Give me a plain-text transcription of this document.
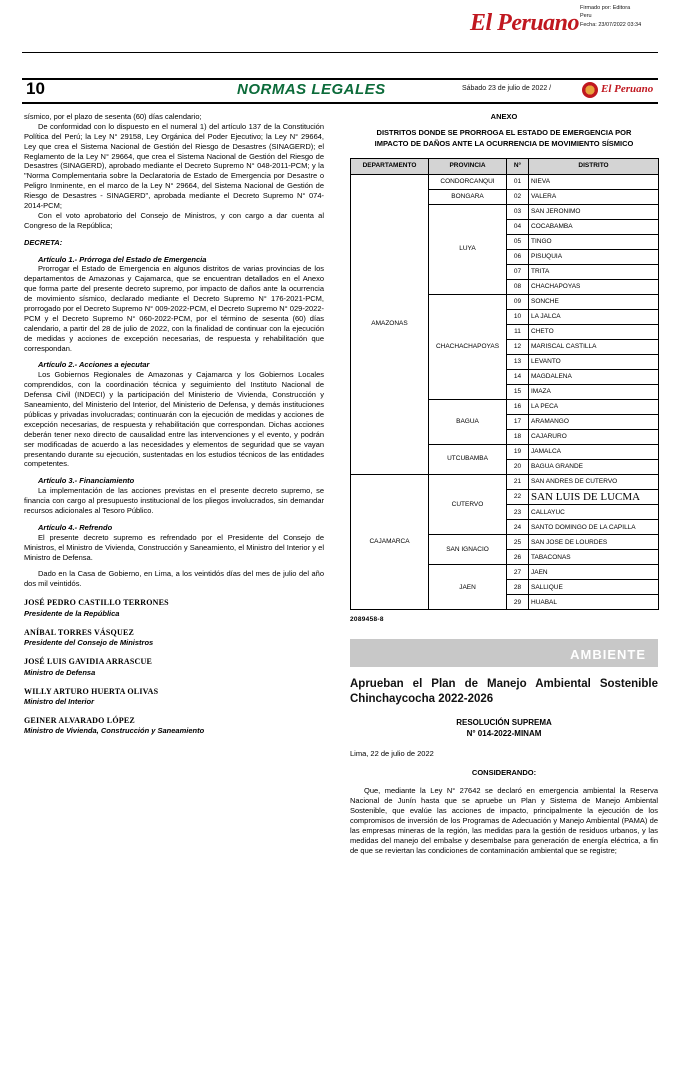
El Peruano
Firmado por: Editora
Peru
Fecha: 23/07/2022 03:34
10	NORMAS LEGALES	Sábado 23 de julio de 2022 /	El Peruano

sísmico, por el plazo de sesenta (60) días calendario;

De conformidad con lo dispuesto en el numeral 1) del artículo 137 de la Constitución Política del Perú; la Ley N° 29158, Ley Orgánica del Poder Ejecutivo; la Ley N° 29664, Ley que crea el Sistema Nacional de Gestión del Riesgo de Desastres (SINAGERD); el Reglamento de la Ley N° 29664, que crea el Sistema Nacional de Gestión del Riesgo de Desastres (SINAGERD), aprobado mediante el Decreto Supremo N° 048-2011-PCM; y la "Norma Complementaria sobre la Declaratoria de Estado de Emergencia por Desastre o Peligro Inminente, en el marco de la Ley N° 29664, del Sistema Nacional de Gestión de Riesgo de Desastres - SINAGERD", aprobada mediante el Decreto Supremo N° 074-2014-PCM;

Con el voto aprobatorio del Consejo de Ministros, y con cargo a dar cuenta al Congreso de la República;

DECRETA:

Artículo 1.- Prórroga del Estado de Emergencia

Prorrogar el Estado de Emergencia en algunos distritos de varias provincias de los departamentos de Amazonas y Cajamarca, que se encuentran detallados en el Anexo que forma parte del presente decreto supremo, por impacto de daños ante la ocurrencia de movimiento sísmico, declarado mediante el Decreto Supremo N° 176-2021-PCM, prorrogado por el Decreto Supremo N° 009-2022-PCM, el Decreto Supremo N° 029-2022-PCM y el Decreto Supremo N° 060-2022-PCM, por el término de sesenta (60) días calendario, a partir del 28 de julio de 2022, con la finalidad de continuar con la ejecución de medidas y acciones de excepción necesarias, de respuesta y rehabilitación que correspondan.

Artículo 2.- Acciones a ejecutar

Los Gobiernos Regionales de Amazonas y Cajamarca y los Gobiernos Locales comprendidos, con la coordinación técnica y seguimiento del Instituto Nacional de Defensa Civil (INDECI) y la participación del Ministerio de Vivienda, Construcción y Saneamiento, del Ministerio del Interior, del Ministerio de Defensa, y demás instituciones públicas y privadas involucradas; continuarán con la ejecución de medidas y acciones de excepción necesarias, de respuesta y rehabilitación que correspondan. Dichas acciones deberán tener nexo directo de causalidad entre las intervenciones y el evento, y podrán ser modificadas de acuerdo a las necesidades y elementos de seguridad que se vayan presentando durante su ejecución, sustentadas en los estudios técnicos de las entidades competentes.

Artículo 3.- Financiamiento

La implementación de las acciones previstas en el presente decreto supremo, se financia con cargo al presupuesto institucional de los pliegos involucrados, sin demandar recursos adicionales al Tesoro Público.

Artículo 4.- Refrendo

El presente decreto supremo es refrendado por el Presidente del Consejo de Ministros, el Ministro de Vivienda, Construcción y Saneamiento, el Ministro del Interior y el Ministro de Defensa.

Dado en la Casa de Gobierno, en Lima, a los veintidós días del mes de julio del año dos mil veintidós.

JOSÉ PEDRO CASTILLO TERRONES
Presidente de la República
ANÍBAL TORRES VÁSQUEZ
Presidente del Consejo de Ministros
JOSÉ LUIS GAVIDIA ARRASCUE
Ministro de Defensa
WILLY ARTURO HUERTA OLIVAS
Ministro del Interior
GEINER ALVARADO LÓPEZ
Ministro de Vivienda, Construcción y Saneamiento
ANEXO
DISTRITOS DONDE SE PRORROGA EL ESTADO DE EMERGENCIA POR IMPACTO DE DAÑOS ANTE LA OCURRENCIA DE MOVIMIENTO SÍSMICO
DEPARTAMENTO	PROVINCIA	N°	DISTRITO
AMAZONAS	CONDORCANQUI	01	NIEVA
	BONGARA	02	VALERA
	LUYA	03	SAN JERONIMO
		04	COCABAMBA
		05	TINGO
		06	PISUQUIA
		07	TRITA
		08	CHACHAPOYAS
	CHACHACHAPOYAS	09	SONCHE
		10	LA JALCA
		11	CHETO
		12	MARISCAL CASTILLA
		13	LEVANTO
		14	MAGDALENA
		15	IMAZA
	BAGUA	16	LA PECA
		17	ARAMANGO
		18	CAJARURO
	UTCUBAMBA	19	JAMALCA
		20	BAGUA GRANDE
CAJAMARCA	CUTERVO	21	SAN ANDRES DE CUTERVO
		22	SAN LUIS DE LUCMA
		23	CALLAYUC
		24	SANTO DOMINGO DE LA CAPILLA
	SAN IGNACIO	25	SAN JOSE DE LOURDES
		26	TABACONAS
	JAEN	27	JAEN
		28	SALLIQUE
		29	HUABAL
2089458-8
AMBIENTE
Aprueban el Plan de Manejo Ambiental Sostenible Chinchaycocha 2022-2026
RESOLUCIÓN SUPREMA
N° 014-2022-MINAM
Lima, 22 de julio de 2022
CONSIDERANDO:
Que, mediante la Ley N° 27642 se declaró en emergencia ambiental la Reserva Nacional de Junín hasta que se apruebe un Plan y Sistema de Manejo Ambiental Sostenible, que evalúe las acciones de impacto, principalmente la ejecución de los compromisos de inversión de los Programas de Adecuación y Manejo Ambiental (PAMA) de las empresas mineras de la región, las medidas para la gestión de residuos urbanos, y las medidas del manejo del embalse y desembalse para generación de energía eléctrica, a fin de que se reviertan las condiciones de contaminación ambiental que se registre;
